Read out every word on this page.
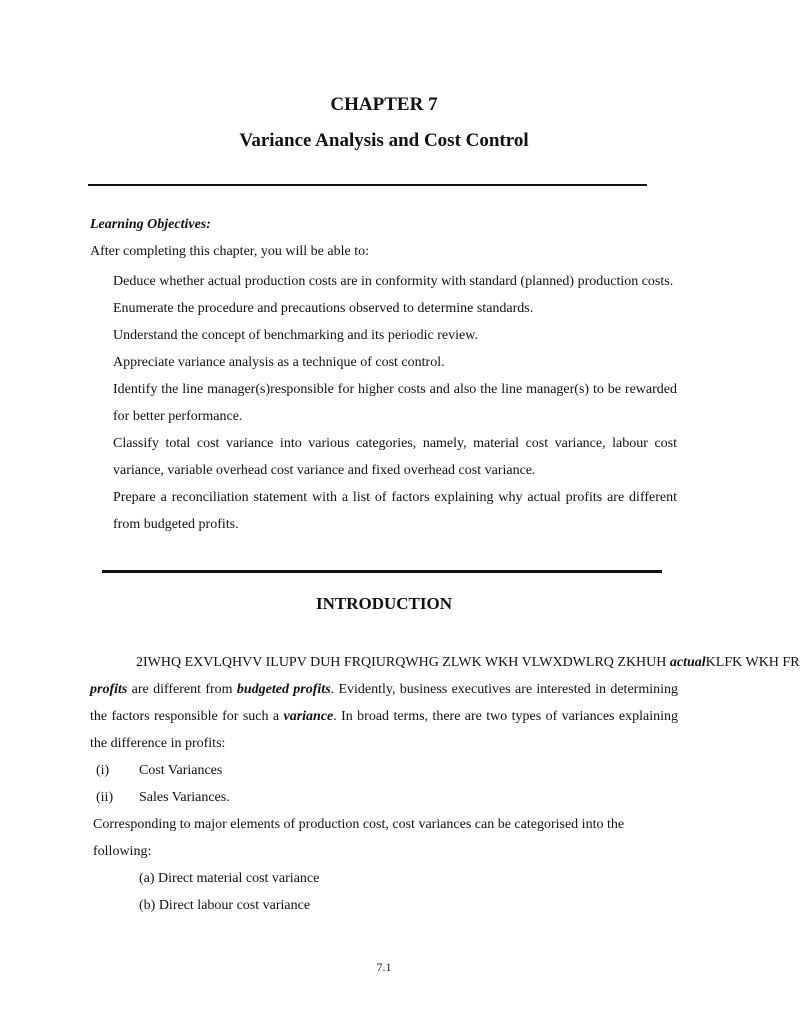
CHAPTER 7
Variance Analysis and Cost Control
Learning Objectives:
After completing this chapter, you will be able to:
Deduce whether actual production costs are in conformity with standard (planned) production costs.
Enumerate the procedure and precautions observed to determine standards.
Understand the concept of benchmarking and its periodic review.
Appreciate variance analysis as a technique of cost control.
Identify the line manager(s)responsible for higher costs and also the line manager(s) to be rewarded for better performance.
Classify total cost variance into various categories, namely, material cost variance, labour cost variance, variable overhead cost variance and fixed overhead cost variance.
Prepare a reconciliation statement with a list of factors explaining why actual profits are different from budgeted profits.
INTRODUCTION
2IWHQ EXVLQHVV ILUPV DUH FRQIURQWHG ZLWK WKH VLWXDWLRQ ZKHUH actualKLFK WKH FR
profits are different from budgeted profits. Evidently, business executives are interested in determining the factors responsible for such a variance. In broad terms, there are two types of variances explaining the difference in profits:
(i) Cost Variances
(ii) Sales Variances.
Corresponding to major elements of production cost, cost variances can be categorised into the following:
(a) Direct material cost variance
(b) Direct labour cost variance
7.1
